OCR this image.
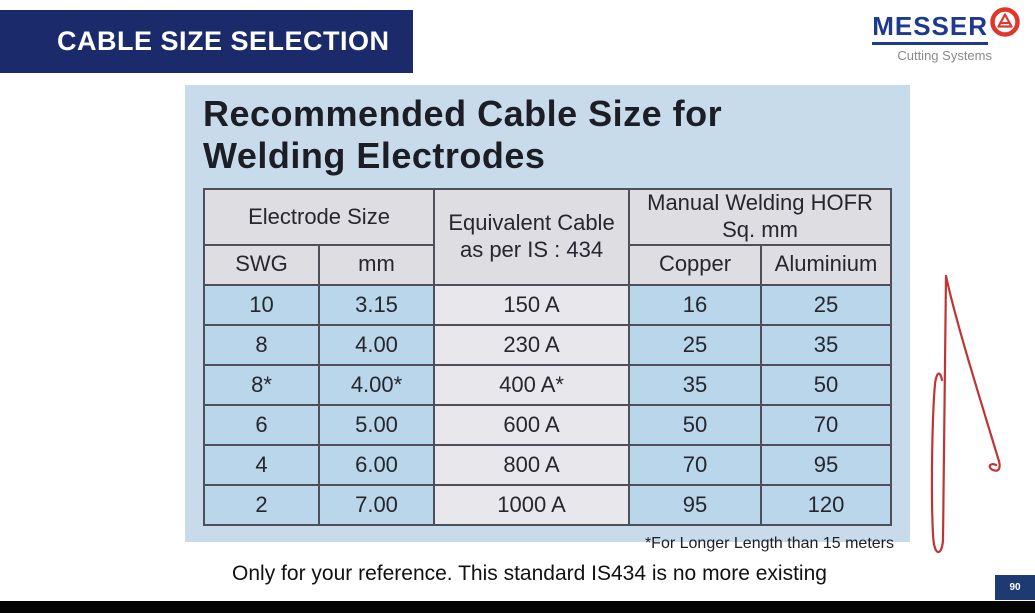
CABLE SIZE SELECTION	MESSER
Cutting Systems
Recommended Cable Size for Welding Electrodes
Electrode Size		Equivalent Cable as per IS : 434	Manual Welding HOFR Sq. mm	
SWG	mm		Copper	Aluminium
10	3.15	150 A	16	25
8	4.00	230 A	25	35
8*	4.00*	400 A*	35	50
6	5.00	600 A	50	70
4	6.00	800 A	70	95
2	7.00	1000 A	95	120
*For Longer Length than 15 meters
Only for your reference. This standard IS434 is no more existing
90
